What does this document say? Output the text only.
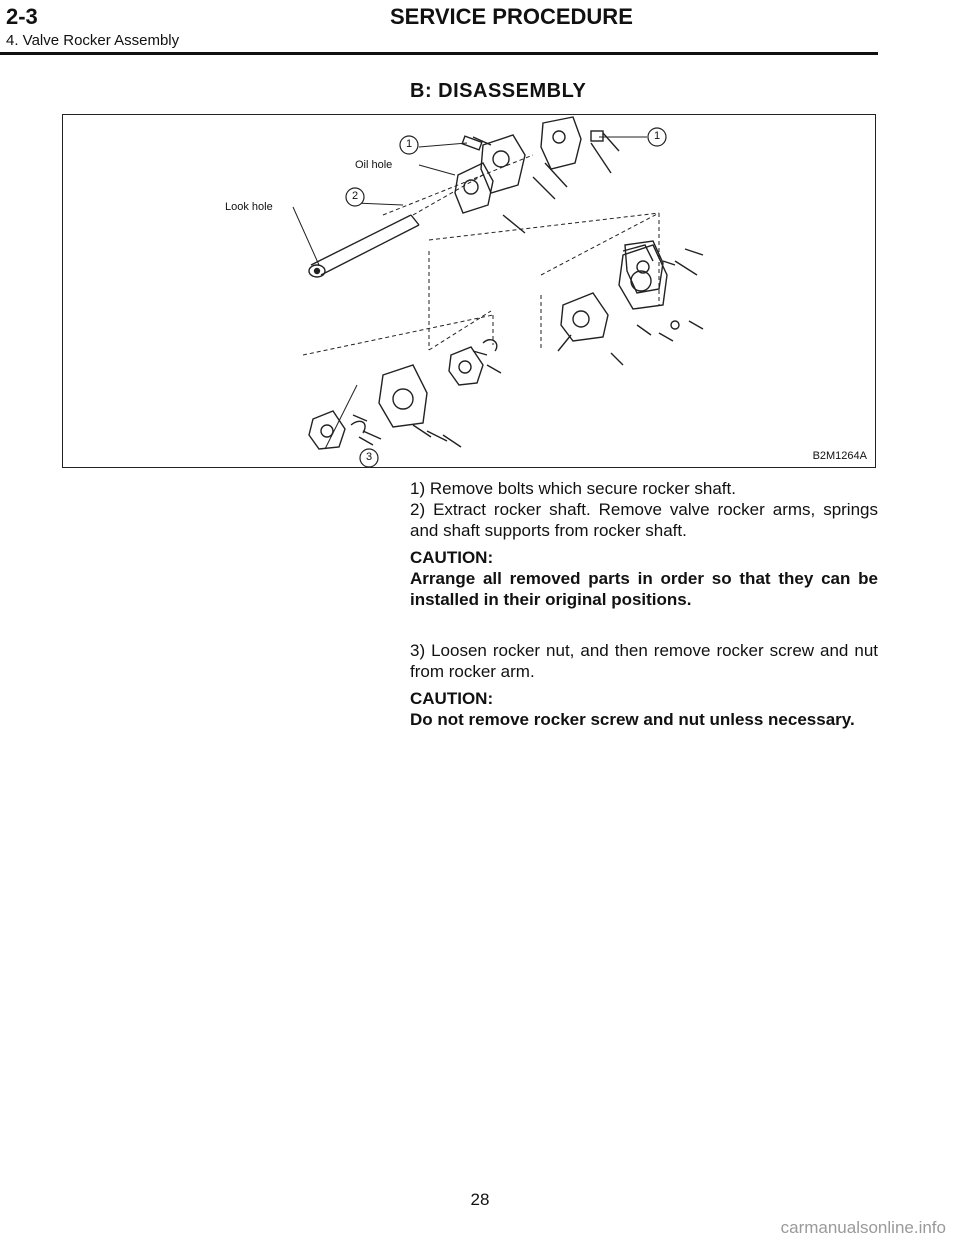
2-3	SERVICE PROCEDURE
4. Valve Rocker Assembly
B: DISASSEMBLY
1
1
2
3
Oil hole
Look hole
B2M1264A

1) Remove bolts which secure rocker shaft.

2) Extract rocker shaft. Remove valve rocker arms, springs and shaft supports from rocker shaft.

CAUTION:

Arrange all removed parts in order so that they can be installed in their original positions.

3) Loosen rocker nut, and then remove rocker screw and nut from rocker arm.

CAUTION:

Do not remove rocker screw and nut unless necessary.

28
carmanualsonline.info
